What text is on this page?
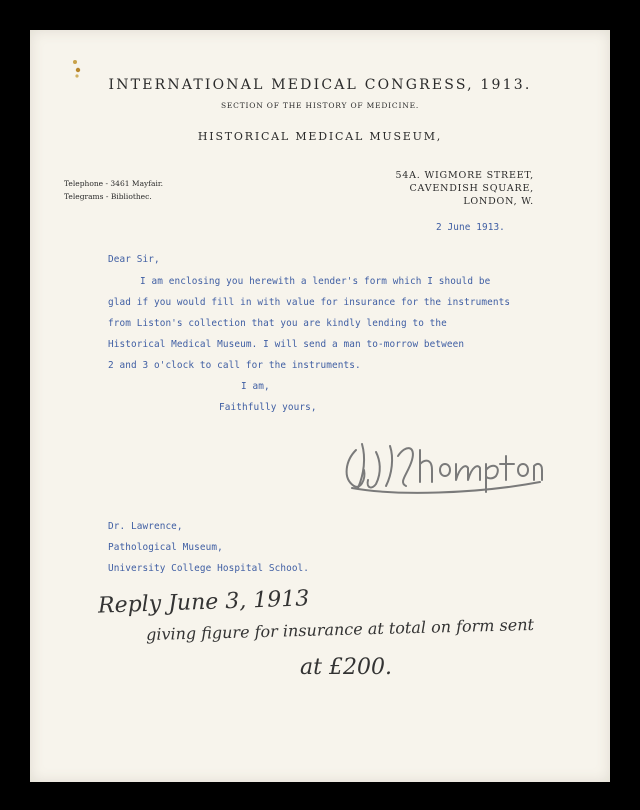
INTERNATIONAL MEDICAL CONGRESS, 1913.
SECTION OF THE HISTORY OF MEDICINE.
HISTORICAL MEDICAL MUSEUM,
Telephone - 3461 Mayfair.
Telegrams - Bibliothec.
54A. WIGMORE STREET,
CAVENDISH SQUARE,
LONDON, W.
2 June 1913.
Dear Sir,
I am enclosing you herewith a lender's form which I should be
glad if you would fill in with value for insurance for the instruments
from Liston's collection that you are kindly lending to the
Historical Medical Museum. I will send a man to-morrow between
2 and 3 o'clock to call for the instruments.
I am,
Faithfully yours,
Dr. Lawrence,
Pathological Museum,
University College Hospital School.
Reply June 3, 1913
giving figure for insurance at total on form sent
at £200.
